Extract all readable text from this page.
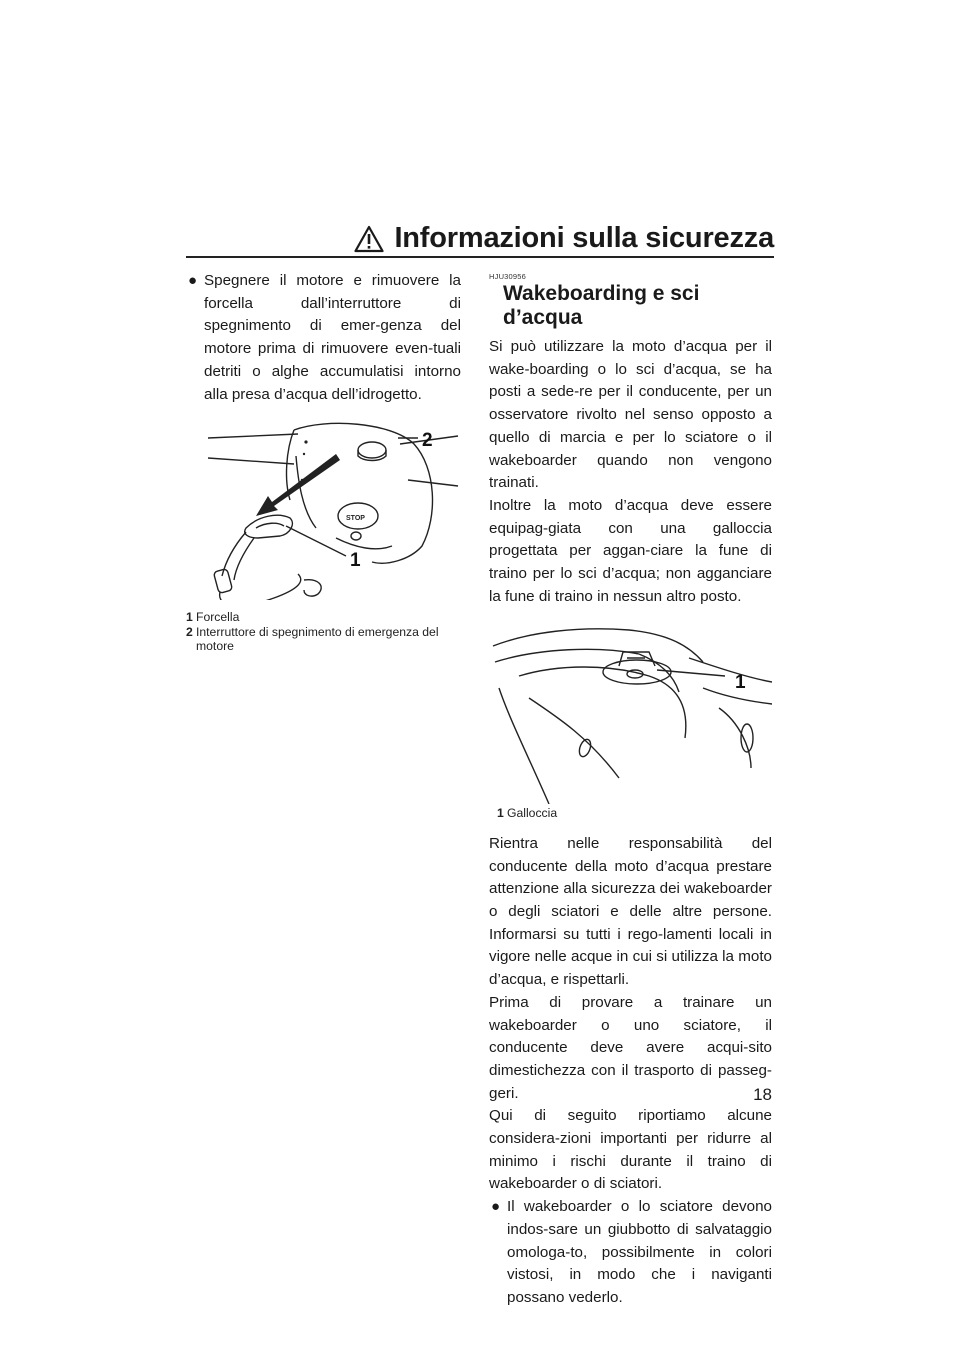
Informazioni sulla sicurezza
● Spegnere il motore e rimuovere la forcella dall’interruttore di spegnimento di emer-genza del motore prima di rimuovere even-tuali detriti o alghe accumulatisi intorno alla presa d’acqua dell’idrogetto.
STOP
2
1
1 Forcella
2 Interruttore di spegnimento di emergenza del motore

HJU30956

Wakeboarding e sci d’acqua

Si può utilizzare la moto d’acqua per il wake-boarding o lo sci d’acqua, se ha posti a sede-re per il conducente, per un osservatore rivolto nel senso opposto a quello di marcia e per lo sciatore o il wakeboarder quando non vengono trainati.

Inoltre la moto d’acqua deve essere equipag-giata con una galloccia progettata per aggan-ciare la fune di traino per lo sci d’acqua; non agganciare la fune di traino in nessun altro posto.

1
1 Galloccia

Rientra nelle responsabilità del conducente della moto d’acqua prestare attenzione alla sicurezza dei wakeboarder o degli sciatori e delle altre persone. Informarsi su tutti i rego-lamenti locali in vigore nelle acque in cui si utilizza la moto d’acqua, e rispettarli.

Prima di provare a trainare un wakeboarder o uno sciatore, il conducente deve avere acqui-sito dimestichezza con il trasporto di passeg-geri.

Qui di seguito riportiamo alcune considera-zioni importanti per ridurre al minimo i rischi durante il traino di wakeboarder o di sciatori.

● Il wakeboarder o lo sciatore devono indos-sare un giubbotto di salvataggio omologa-to, possibilmente in colori vistosi, in modo che i naviganti possano vederlo.
18
